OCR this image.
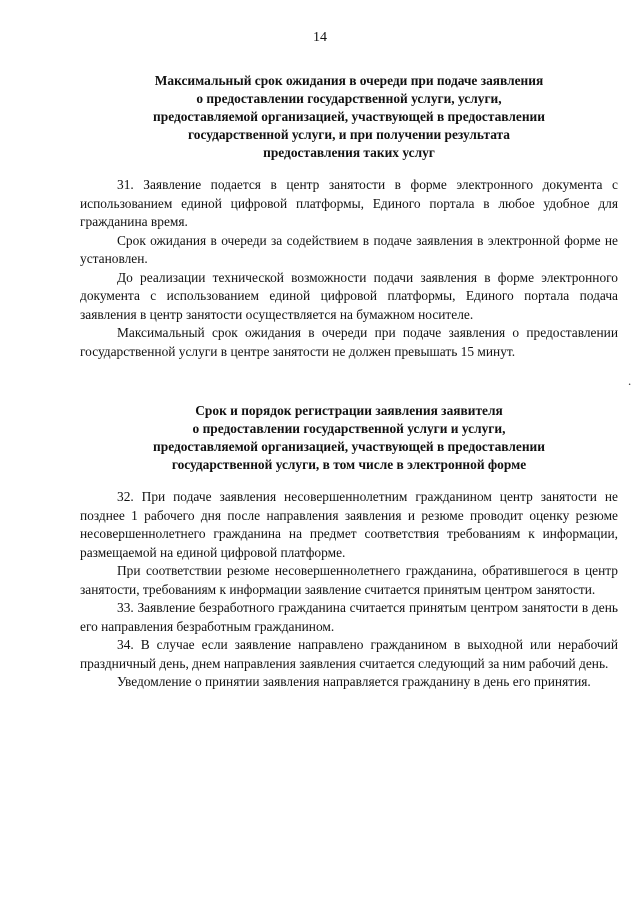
14
Максимальный срок ожидания в очереди при подаче заявления
о предоставлении государственной услуги, услуги,
предоставляемой организацией, участвующей в предоставлении
государственной услуги, и при получении результата
предоставления таких услуг

31. Заявление подается в центр занятости в форме электронного документа с использованием единой цифровой платформы, Единого портала в любое удобное для гражданина время.

Срок ожидания в очереди за содействием в подаче заявления в электронной форме не установлен.

До реализации технической возможности подачи заявления в форме электронного документа с использованием единой цифровой платформы, Единого портала подача заявления в центр занятости осуществляется на бумажном носителе.

Максимальный срок ожидания в очереди при подаче заявления о предоставлении государственной услуги в центре занятости не должен превышать 15 минут.

.
Срок и порядок регистрации заявления заявителя
о предоставлении государственной услуги и услуги,
предоставляемой организацией, участвующей в предоставлении
государственной услуги, в том числе в электронной форме

32. При подаче заявления несовершеннолетним гражданином центр занятости не позднее 1 рабочего дня после направления заявления и резюме проводит оценку резюме несовершеннолетнего гражданина на предмет соответствия требованиям к информации, размещаемой на единой цифровой платформе.

При соответствии резюме несовершеннолетнего гражданина, обратившегося в центр занятости, требованиям к информации заявление считается принятым центром занятости.

33. Заявление безработного гражданина считается принятым центром занятости в день его направления безработным гражданином.

34. В случае если заявление направлено гражданином в выходной или нерабочий праздничный день, днем направления заявления считается следующий за ним рабочий день.

Уведомление о принятии заявления направляется гражданину в день его принятия.
